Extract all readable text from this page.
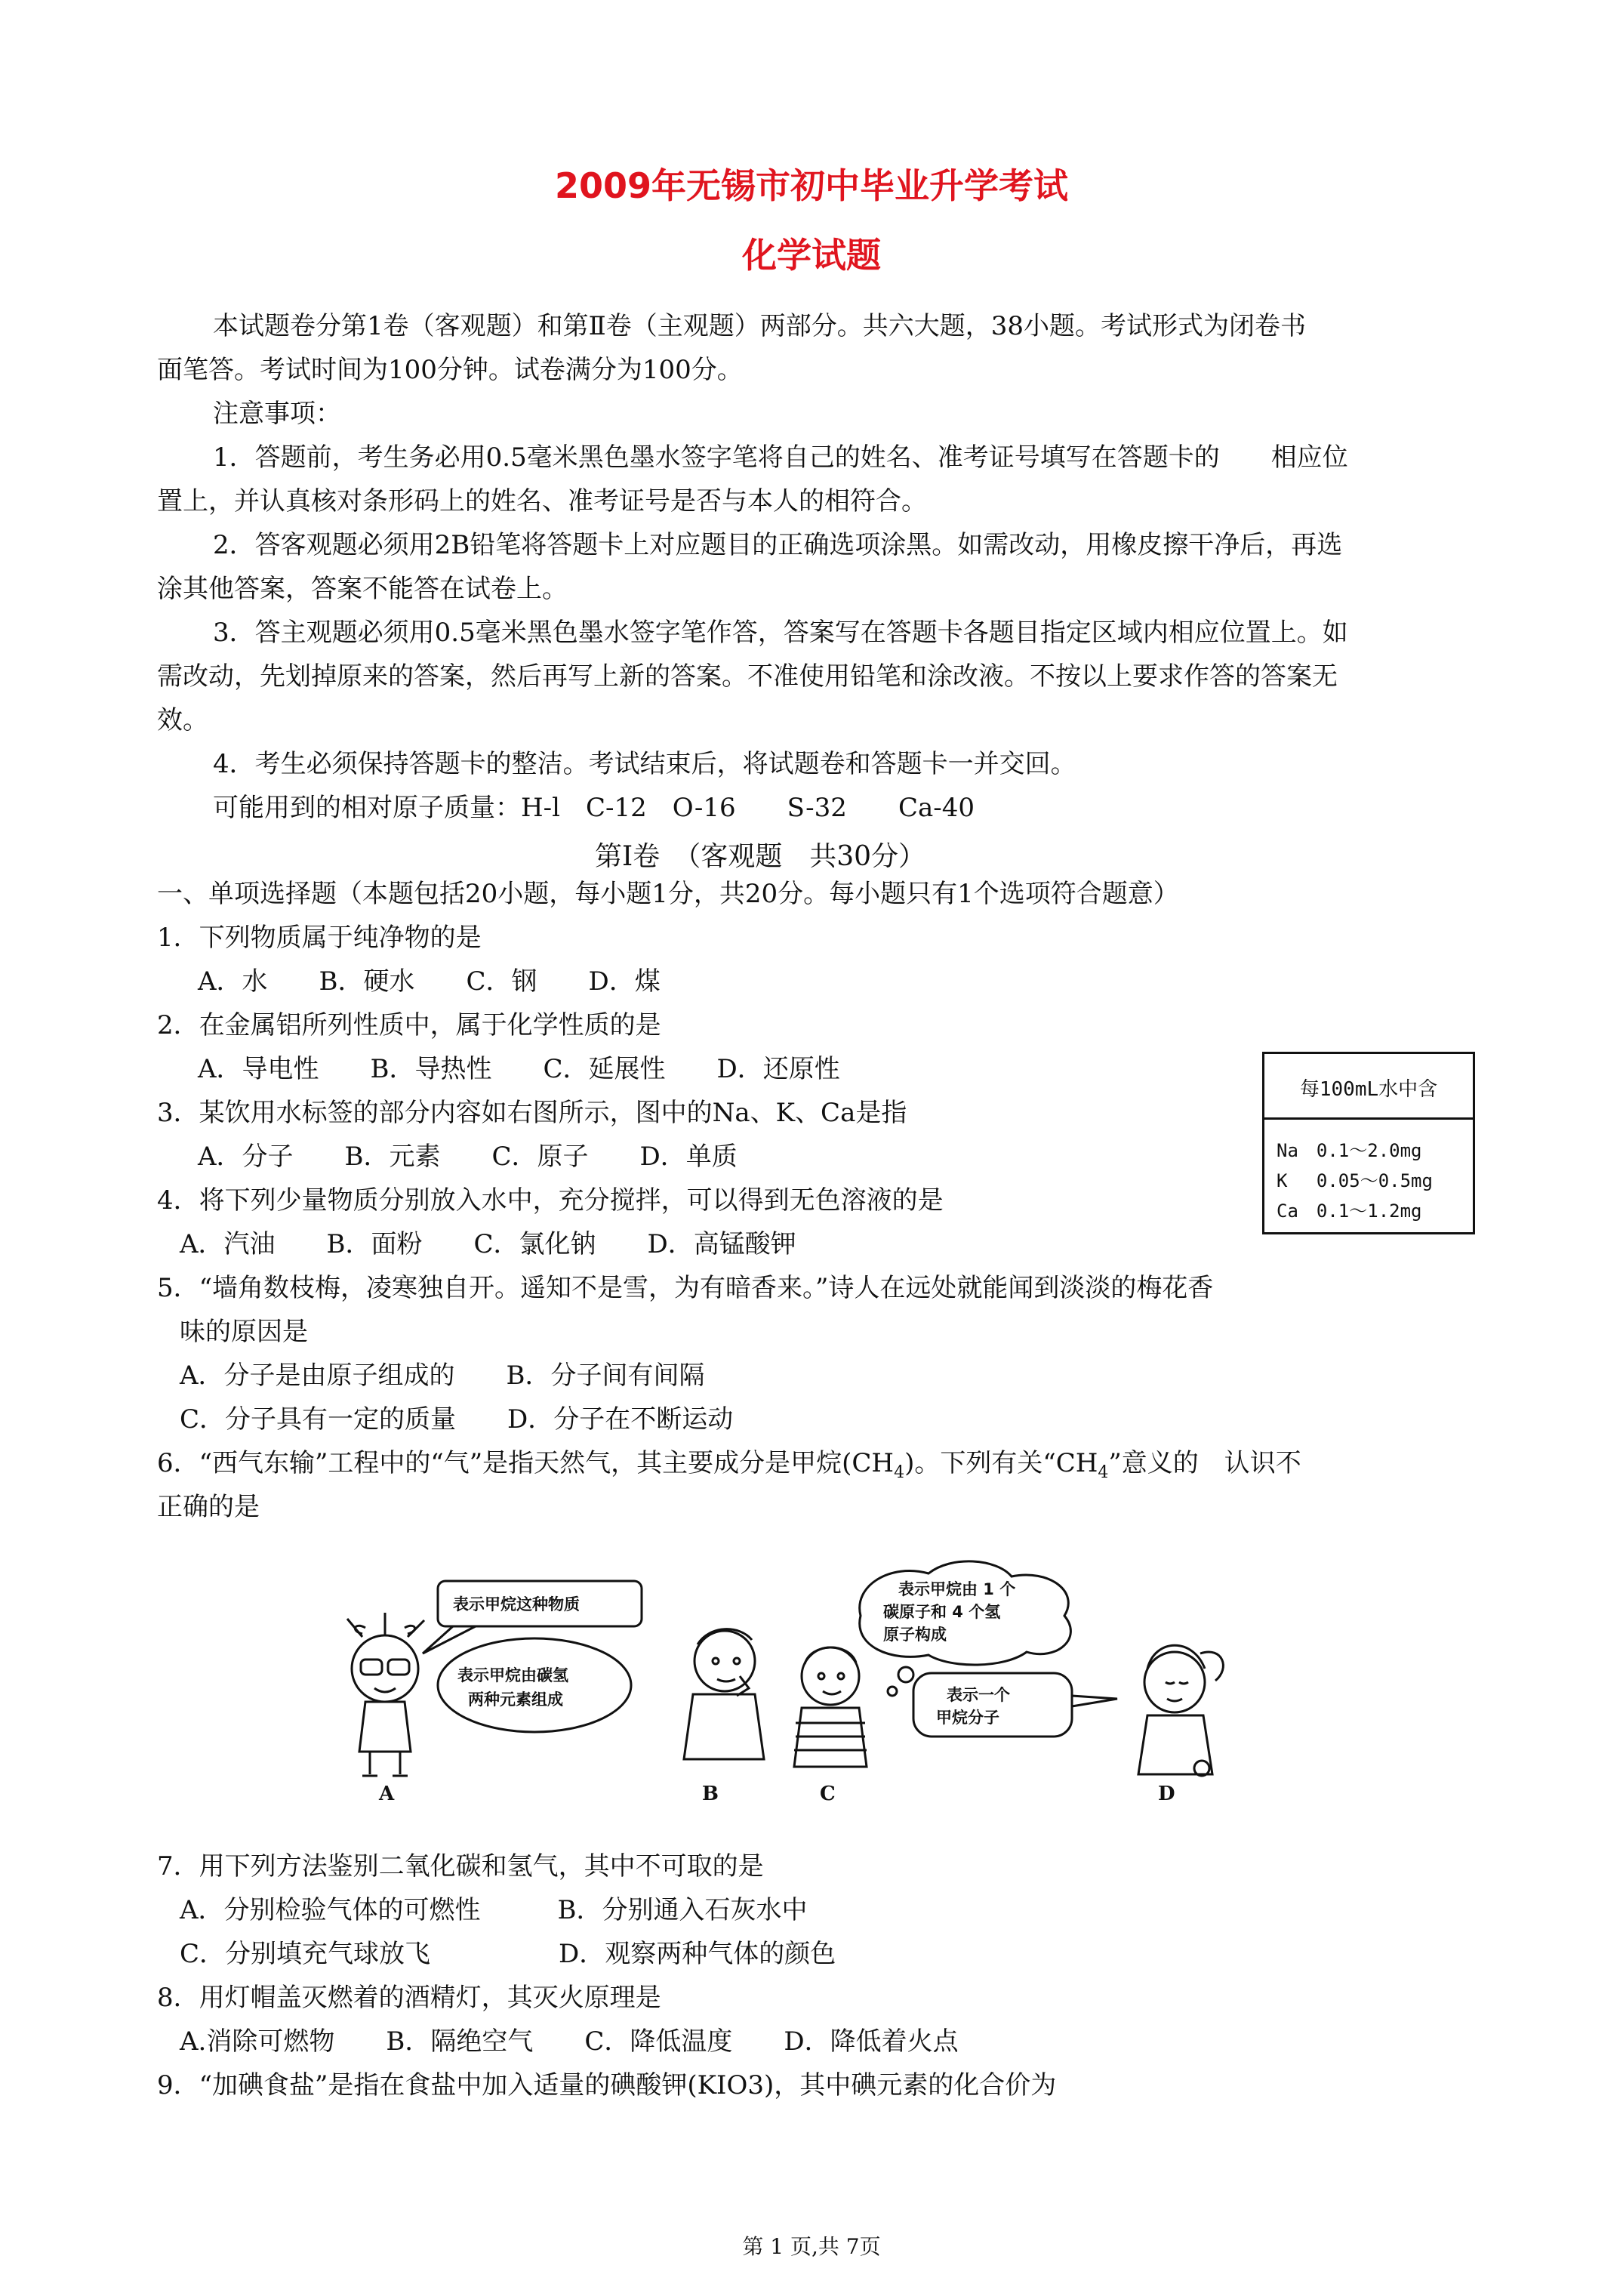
2009年无锡市初中毕业升学考试
化学试题
本试题卷分第1卷（客观题）和第Ⅱ卷（主观题）两部分。共六大题，38小题。考试形式为闭卷书
面笔答。考试时间为100分钟。试卷满分为100分。
注意事项：
1．答题前，考生务必用0.5毫米黑色墨水签字笔将自己的姓名、准考证号填写在答题卡的　　相应位
置上，并认真核对条形码上的姓名、准考证号是否与本人的相符合。
2．答客观题必须用2B铅笔将答题卡上对应题目的正确选项涂黑。如需改动，用橡皮擦干净后，再选
涂其他答案，答案不能答在试卷上。
3．答主观题必须用0.5毫米黑色墨水签字笔作答，答案写在答题卡各题目指定区域内相应位置上。如
需改动，先划掉原来的答案，然后再写上新的答案。不准使用铅笔和涂改液。不按以上要求作答的答案无
效。
4．考生必须保持答题卡的整洁。考试结束后，将试题卷和答题卡一并交回。
可能用到的相对原子质量：H-l　C-12　O-16　　S-32　　Ca-40
第Ⅰ卷　（客观题　共30分）
一、单项选择题（本题包括20小题，每小题1分，共20分。每小题只有1个选项符合题意）
1．下列物质属于纯净物的是
A．水　　B．硬水　　C．钢　　D．煤
2．在金属铝所列性质中，属于化学性质的是
A．导电性　　B．导热性　　C．延展性　　D．还原性
3．某饮用水标签的部分内容如右图所示，图中的Na、K、Ca是指
A．分子　　B．元素　　C．原子　　D．单质
4．将下列少量物质分别放入水中，充分搅拌，可以得到无色溶液的是
A．汽油　　B．面粉　　C．氯化钠　　D．高锰酸钾
5．“墙角数枝梅，凌寒独自开。遥知不是雪，为有暗香来。”诗人在远处就能闻到淡淡的梅花香
味的原因是
A．分子是由原子组成的　　B．分子间有间隔
C．分子具有一定的质量　　D．分子在不断运动
6．“西气东输”工程中的“气”是指天然气，其主要成分是甲烷$(CH_4)$。下列有关“$CH_4$”意义的　认识不
正确的是
每100mL水中含
Na　0.1～2.0mg
K　 0.05～0.5mg
Ca　0.1～1.2mg
表示甲烷这种物质
表示甲烷由碳氢
两种元素组成
表示甲烷由 1 个
碳原子和 4 个氢
原子构成
表示一个
甲烷分子
A	B	C	D
7．用下列方法鉴别二氧化碳和氢气，其中不可取的是
A．分别检验气体的可燃性　　　B．分别通入石灰水中
C．分别填充气球放飞　　　　　D．观察两种气体的颜色
8．用灯帽盖灭燃着的酒精灯，其灭火原理是
A.消除可燃物　　B．隔绝空气　　C．降低温度　　D．降低着火点
9．“加碘食盐”是指在食盐中加入适量的碘酸钾(KIO3)，其中碘元素的化合价为
第 1 页,共 7页
